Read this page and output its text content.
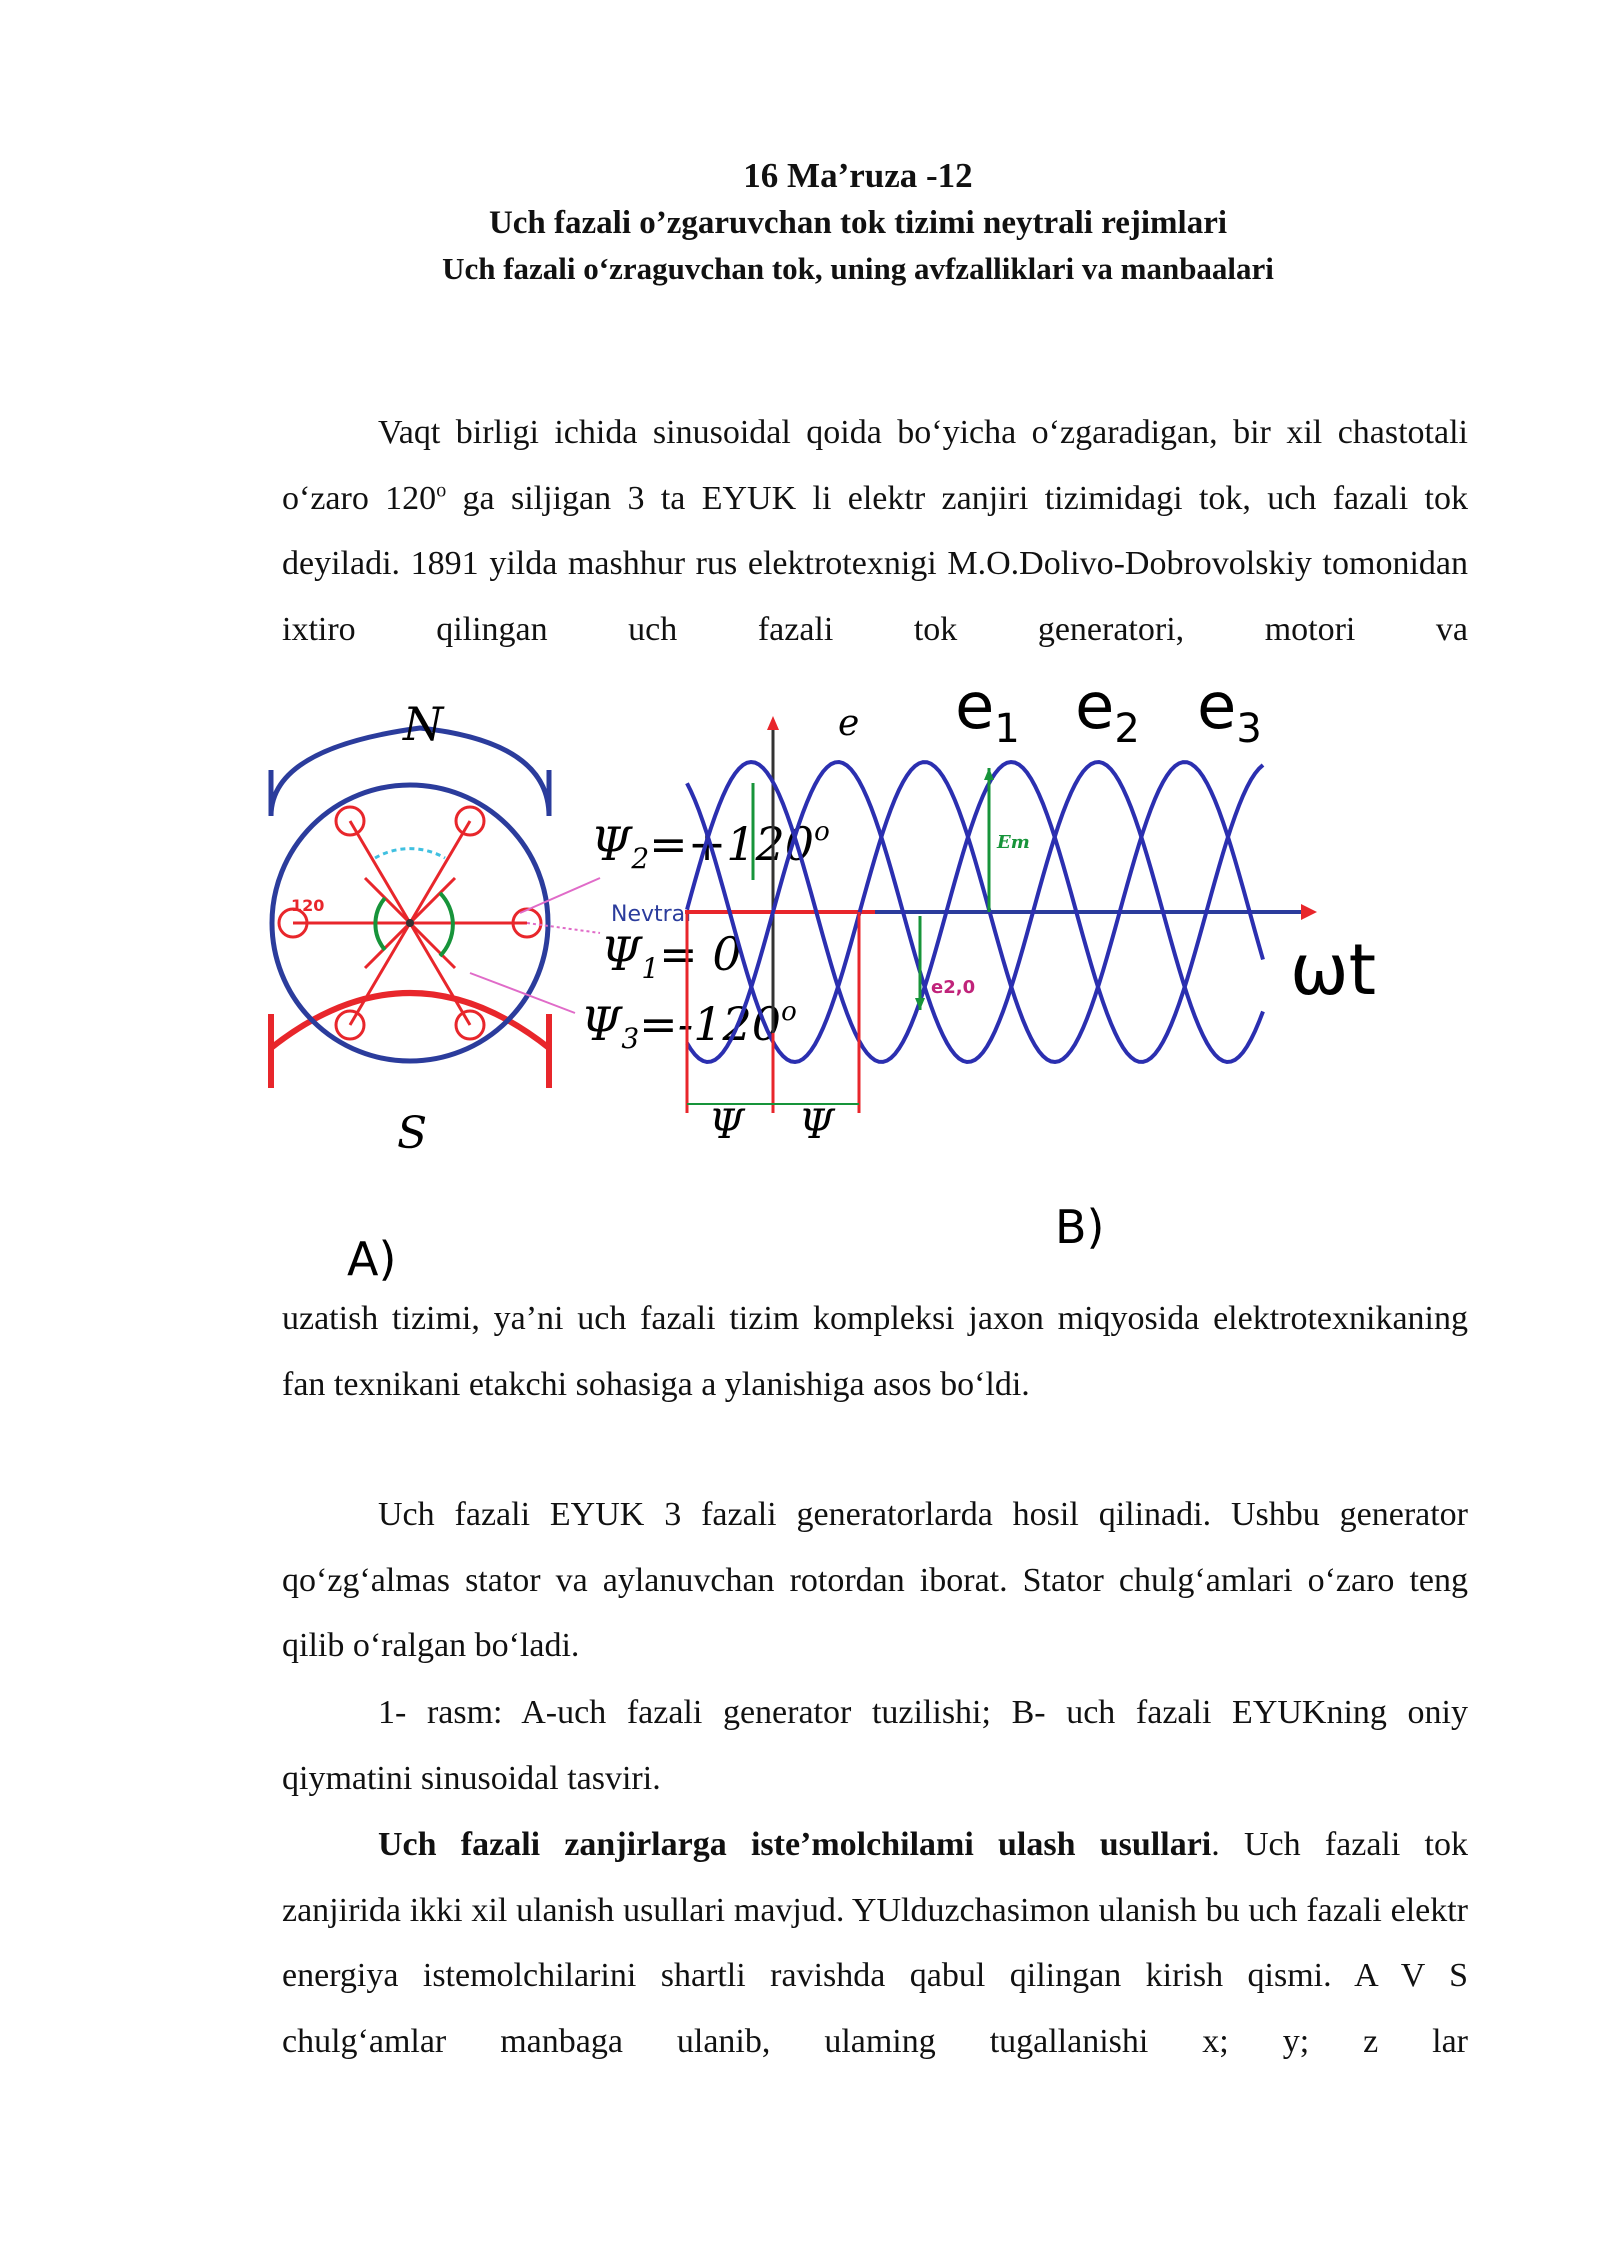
16 Ma’ruza -12
Uch fazali o’zgaruvchan tok tizimi neytrali rejimlari
Uch fazali o‘zraguvchan tok, uning avfzalliklari va manbaalari

Vaqt birligi ichida sinusoidal qoida bo‘yicha o‘zgaradigan, bir xil chastotali o‘zaro 120$^o$ ga siljigan 3 ta EYUK li elektr zanjiri tizimidagi tok, uch fazali tok deyiladi. 1891 yilda mashhur rus elektrotexnigi M.O.Dolivo-Dobrovolskiy tomonidan ixtiro qilingan uch fazali tok generatori, motori va

N
S
120
$\Psi 2=+120^o$
Nevtral
Ψ1= 0
$\Psi 3=-120^o$
e $e_1$ $e_2$ $e_3$
Em
e2,0	ωt
Ψ Ψ
A)
B)

uzatish tizimi, ya’ni uch fazali tizim kompleksi jaxon miqyosida elektrotexnikaning fan texnikani etakchi sohasiga a ylanishiga asos bo‘ldi.

Uch fazali EYUK 3 fazali generatorlarda hosil qilinadi. Ushbu generator qo‘zg‘almas stator va aylanuvchan rotordan iborat. Stator chulg‘amlari o‘zaro teng qilib o‘ralgan bo‘ladi.

1- rasm: A-uch fazali generator tuzilishi; B- uch fazali EYUKning oniy qiymatini sinusoidal tasviri.

Uch fazali zanjirlarga iste’molchilami ulash usullari. Uch fazali tok zanjirida ikki xil ulanish usullari mavjud. YUlduzchasimon ulanish bu uch fazali elektr energiya istemolchilarini shartli ravishda qabul qilingan kirish qismi. A V S chulg‘amlar manbaga ulanib, ulaming tugallanishi x; y; z lar
